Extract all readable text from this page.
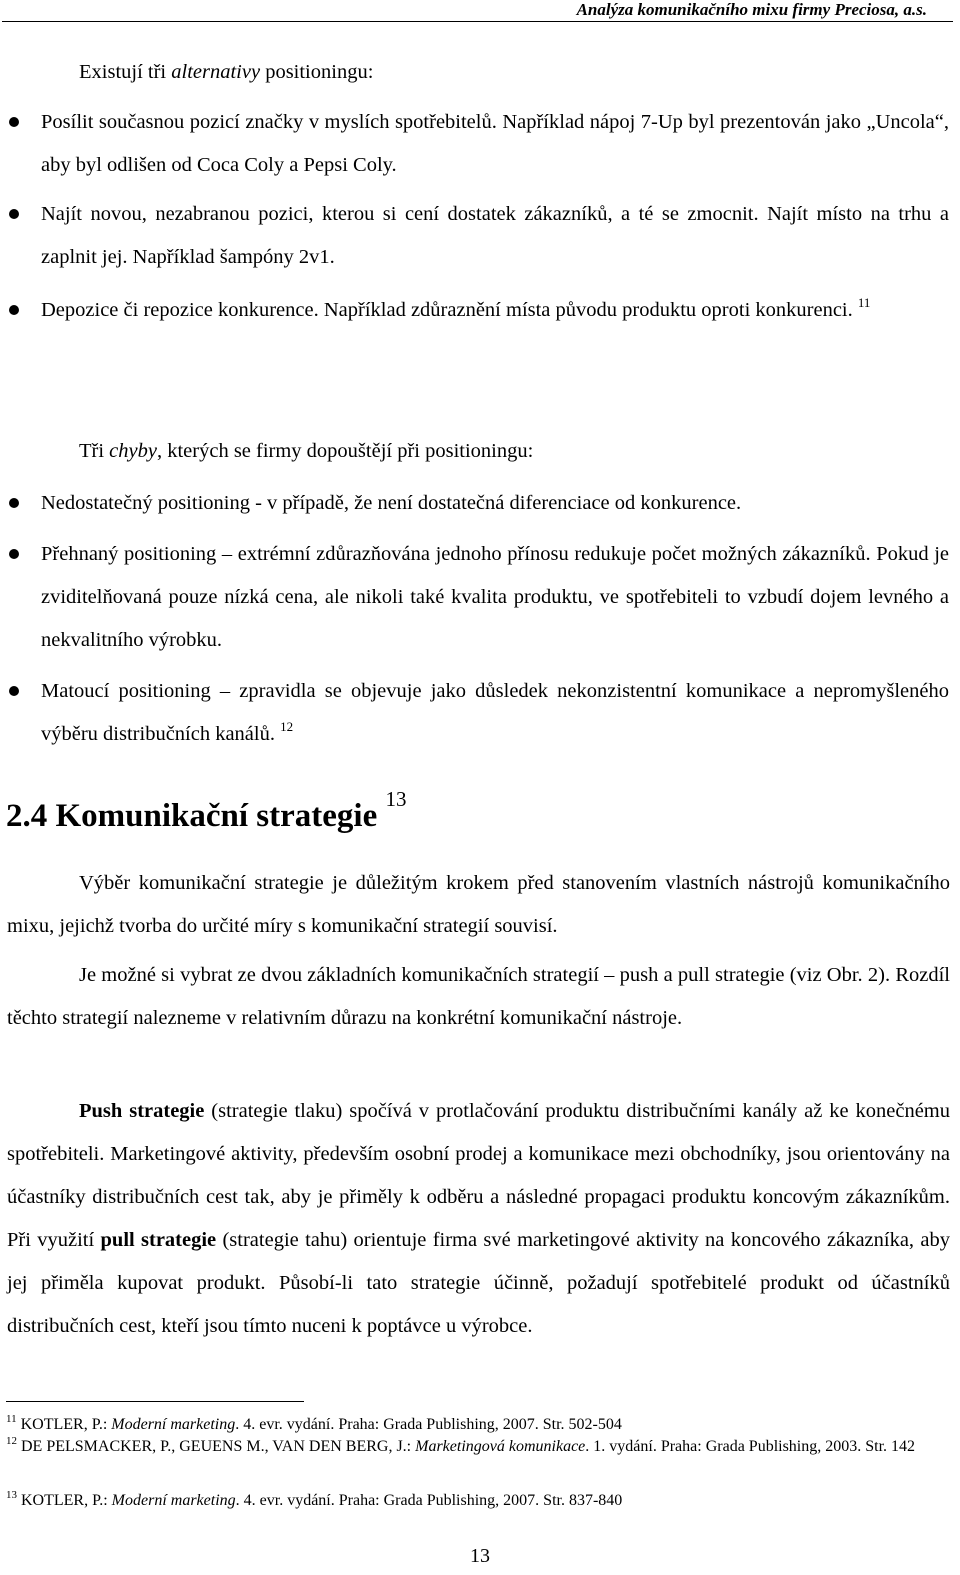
Analýza komunikačního mixu firmy Preciosa, a.s.
Existují tři alternativy positioningu:
Posílit současnou pozicí značky v myslích spotřebitelů. Například nápoj 7-Up byl prezentován jako „Uncola“, aby byl odlišen od Coca Coly a Pepsi Coly.
Najít novou, nezabranou pozici, kterou si cení dostatek zákazníků, a té se zmocnit. Najít místo na trhu a zaplnit jej. Například šampóny 2v1.
Depozice či repozice konkurence. Například zdůraznění místa původu produktu oproti konkurenci. $^{11}$
Tři chyby, kterých se firmy dopouštějí při positioningu:
Nedostatečný positioning - v případě, že není dostatečná diferenciace od konkurence.
Přehnaný positioning – extrémní zdůrazňována jednoho přínosu redukuje počet možných zákazníků. Pokud je zviditelňovaná pouze nízká cena, ale nikoli také kvalita produktu, ve spotřebiteli to vzbudí dojem levného a nekvalitního výrobku.
Matoucí positioning – zpravidla se objevuje jako důsledek nekonzistentní komunikace a nepromyšleného výběru distribučních kanálů. $^{12}$
2.4 Komunikační strategie $^{13}$
Výběr komunikační strategie je důležitým krokem před stanovením vlastních nástrojů komunikačního mixu, jejichž tvorba do určité míry s komunikační strategií souvisí.
Je možné si vybrat ze dvou základních komunikačních strategií – push a pull strategie (viz Obr. 2). Rozdíl těchto strategií nalezneme v relativním důrazu na konkrétní komunikační nástroje.
Push strategie (strategie tlaku) spočívá v protlačování produktu distribučními kanály až ke konečnému spotřebiteli. Marketingové aktivity, především osobní prodej a komunikace mezi obchodníky, jsou orientovány na účastníky distribučních cest tak, aby je přiměly k odběru a následné propagaci produktu koncovým zákazníkům. Při využití pull strategie (strategie tahu) orientuje firma své marketingové aktivity na koncového zákazníka, aby jej přiměla kupovat produkt. Působí-li tato strategie účinně, požadují spotřebitelé produkt od účastníků distribučních cest, kteří jsou tímto nuceni k poptávce u výrobce.
$^{11}$ KOTLER, P.: Moderní marketing. 4. evr. vydání. Praha: Grada Publishing, 2007. Str. 502-504
$^{12}$ DE PELSMACKER, P., GEUENS M., VAN DEN BERG, J.: Marketingová komunikace. 1. vydání. Praha: Grada Publishing, 2003. Str. 142
$^{13}$ KOTLER, P.: Moderní marketing. 4. evr. vydání. Praha: Grada Publishing, 2007. Str. 837-840
13
